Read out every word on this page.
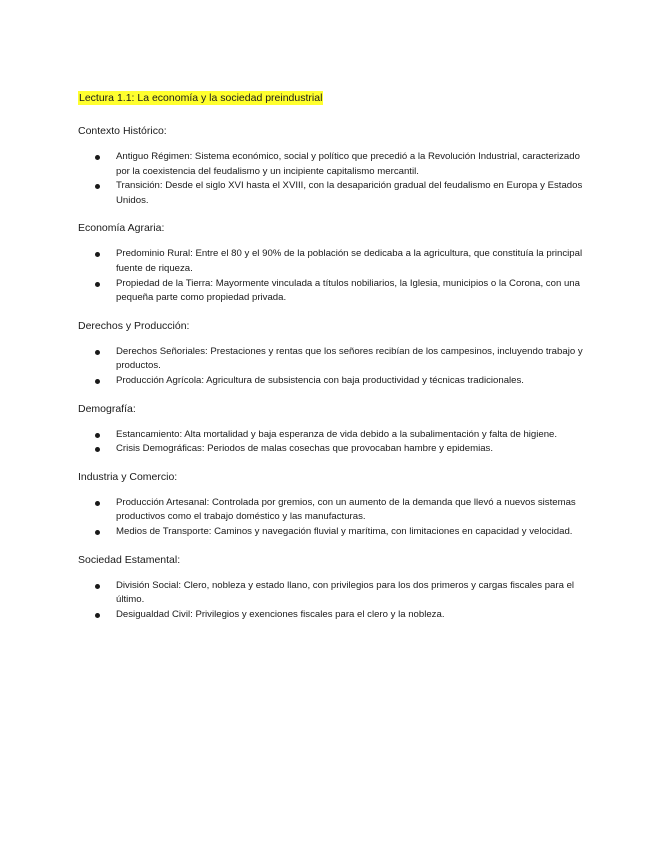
Lectura 1.1: La economía y la sociedad preindustrial

Contexto Histórico:

Antiguo Régimen: Sistema económico, social y político que precedió a la Revolución Industrial, caracterizado por la coexistencia del feudalismo y un incipiente capitalismo mercantil.
Transición: Desde el siglo XVI hasta el XVIII, con la desaparición gradual del feudalismo en Europa y Estados Unidos.

Economía Agraria:

Predominio Rural: Entre el 80 y el 90% de la población se dedicaba a la agricultura, que constituía la principal fuente de riqueza.
Propiedad de la Tierra: Mayormente vinculada a títulos nobiliarios, la Iglesia, municipios o la Corona, con una pequeña parte como propiedad privada.

Derechos y Producción:

Derechos Señoriales: Prestaciones y rentas que los señores recibían de los campesinos, incluyendo trabajo y productos.
Producción Agrícola: Agricultura de subsistencia con baja productividad y técnicas tradicionales.

Demografía:

Estancamiento: Alta mortalidad y baja esperanza de vida debido a la subalimentación y falta de higiene.
Crisis Demográficas: Periodos de malas cosechas que provocaban hambre y epidemias.

Industria y Comercio:

Producción Artesanal: Controlada por gremios, con un aumento de la demanda que llevó a nuevos sistemas productivos como el trabajo doméstico y las manufacturas.
Medios de Transporte: Caminos y navegación fluvial y marítima, con limitaciones en capacidad y velocidad.

Sociedad Estamental:

División Social: Clero, nobleza y estado llano, con privilegios para los dos primeros y cargas fiscales para el último.
Desigualdad Civil: Privilegios y exenciones fiscales para el clero y la nobleza.
